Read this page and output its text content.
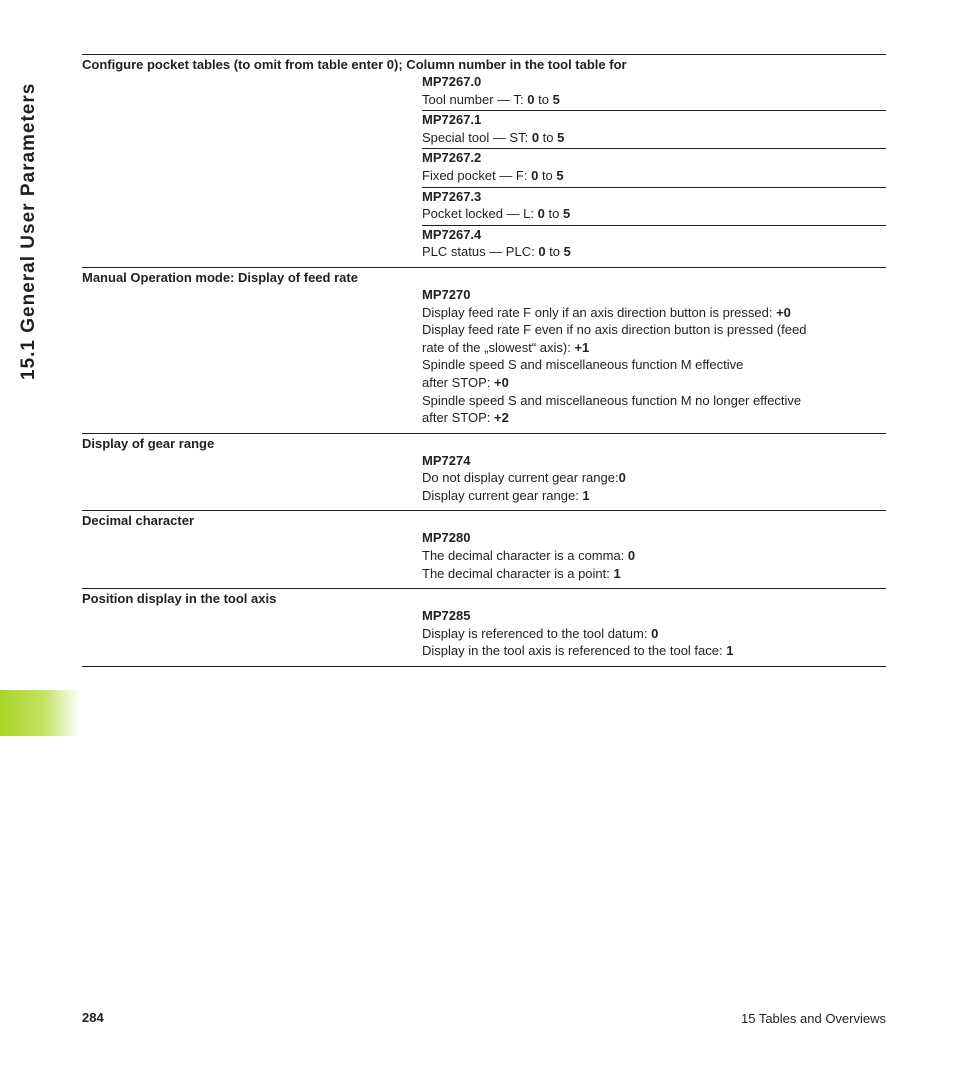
15.1 General User Parameters
Configure pocket tables (to omit from table enter 0); Column number in the tool table for
MP7267.0
Tool number — T: 0 to 5
MP7267.1
Special tool — ST: 0 to 5
MP7267.2
Fixed pocket — F: 0 to 5
MP7267.3
Pocket locked — L: 0 to 5
MP7267.4
PLC status — PLC: 0 to 5
Manual Operation mode: Display of feed rate
MP7270
Display feed rate F only if an axis direction button is pressed: +0
Display feed rate F even if no axis direction button is pressed (feed
rate of the „slowest“ axis): +1
Spindle speed S and miscellaneous function M effective
after STOP: +0
Spindle speed S and miscellaneous function M no longer effective
after STOP: +2
Display of gear range
MP7274
Do not display current gear range:0
Display current gear range: 1
Decimal character
MP7280
The decimal character is a comma: 0
The decimal character is a point: 1
Position display in the tool axis
MP7285
Display is referenced to the tool datum: 0
Display in the tool axis is referenced to the tool face: 1
284	15 Tables and Overviews
